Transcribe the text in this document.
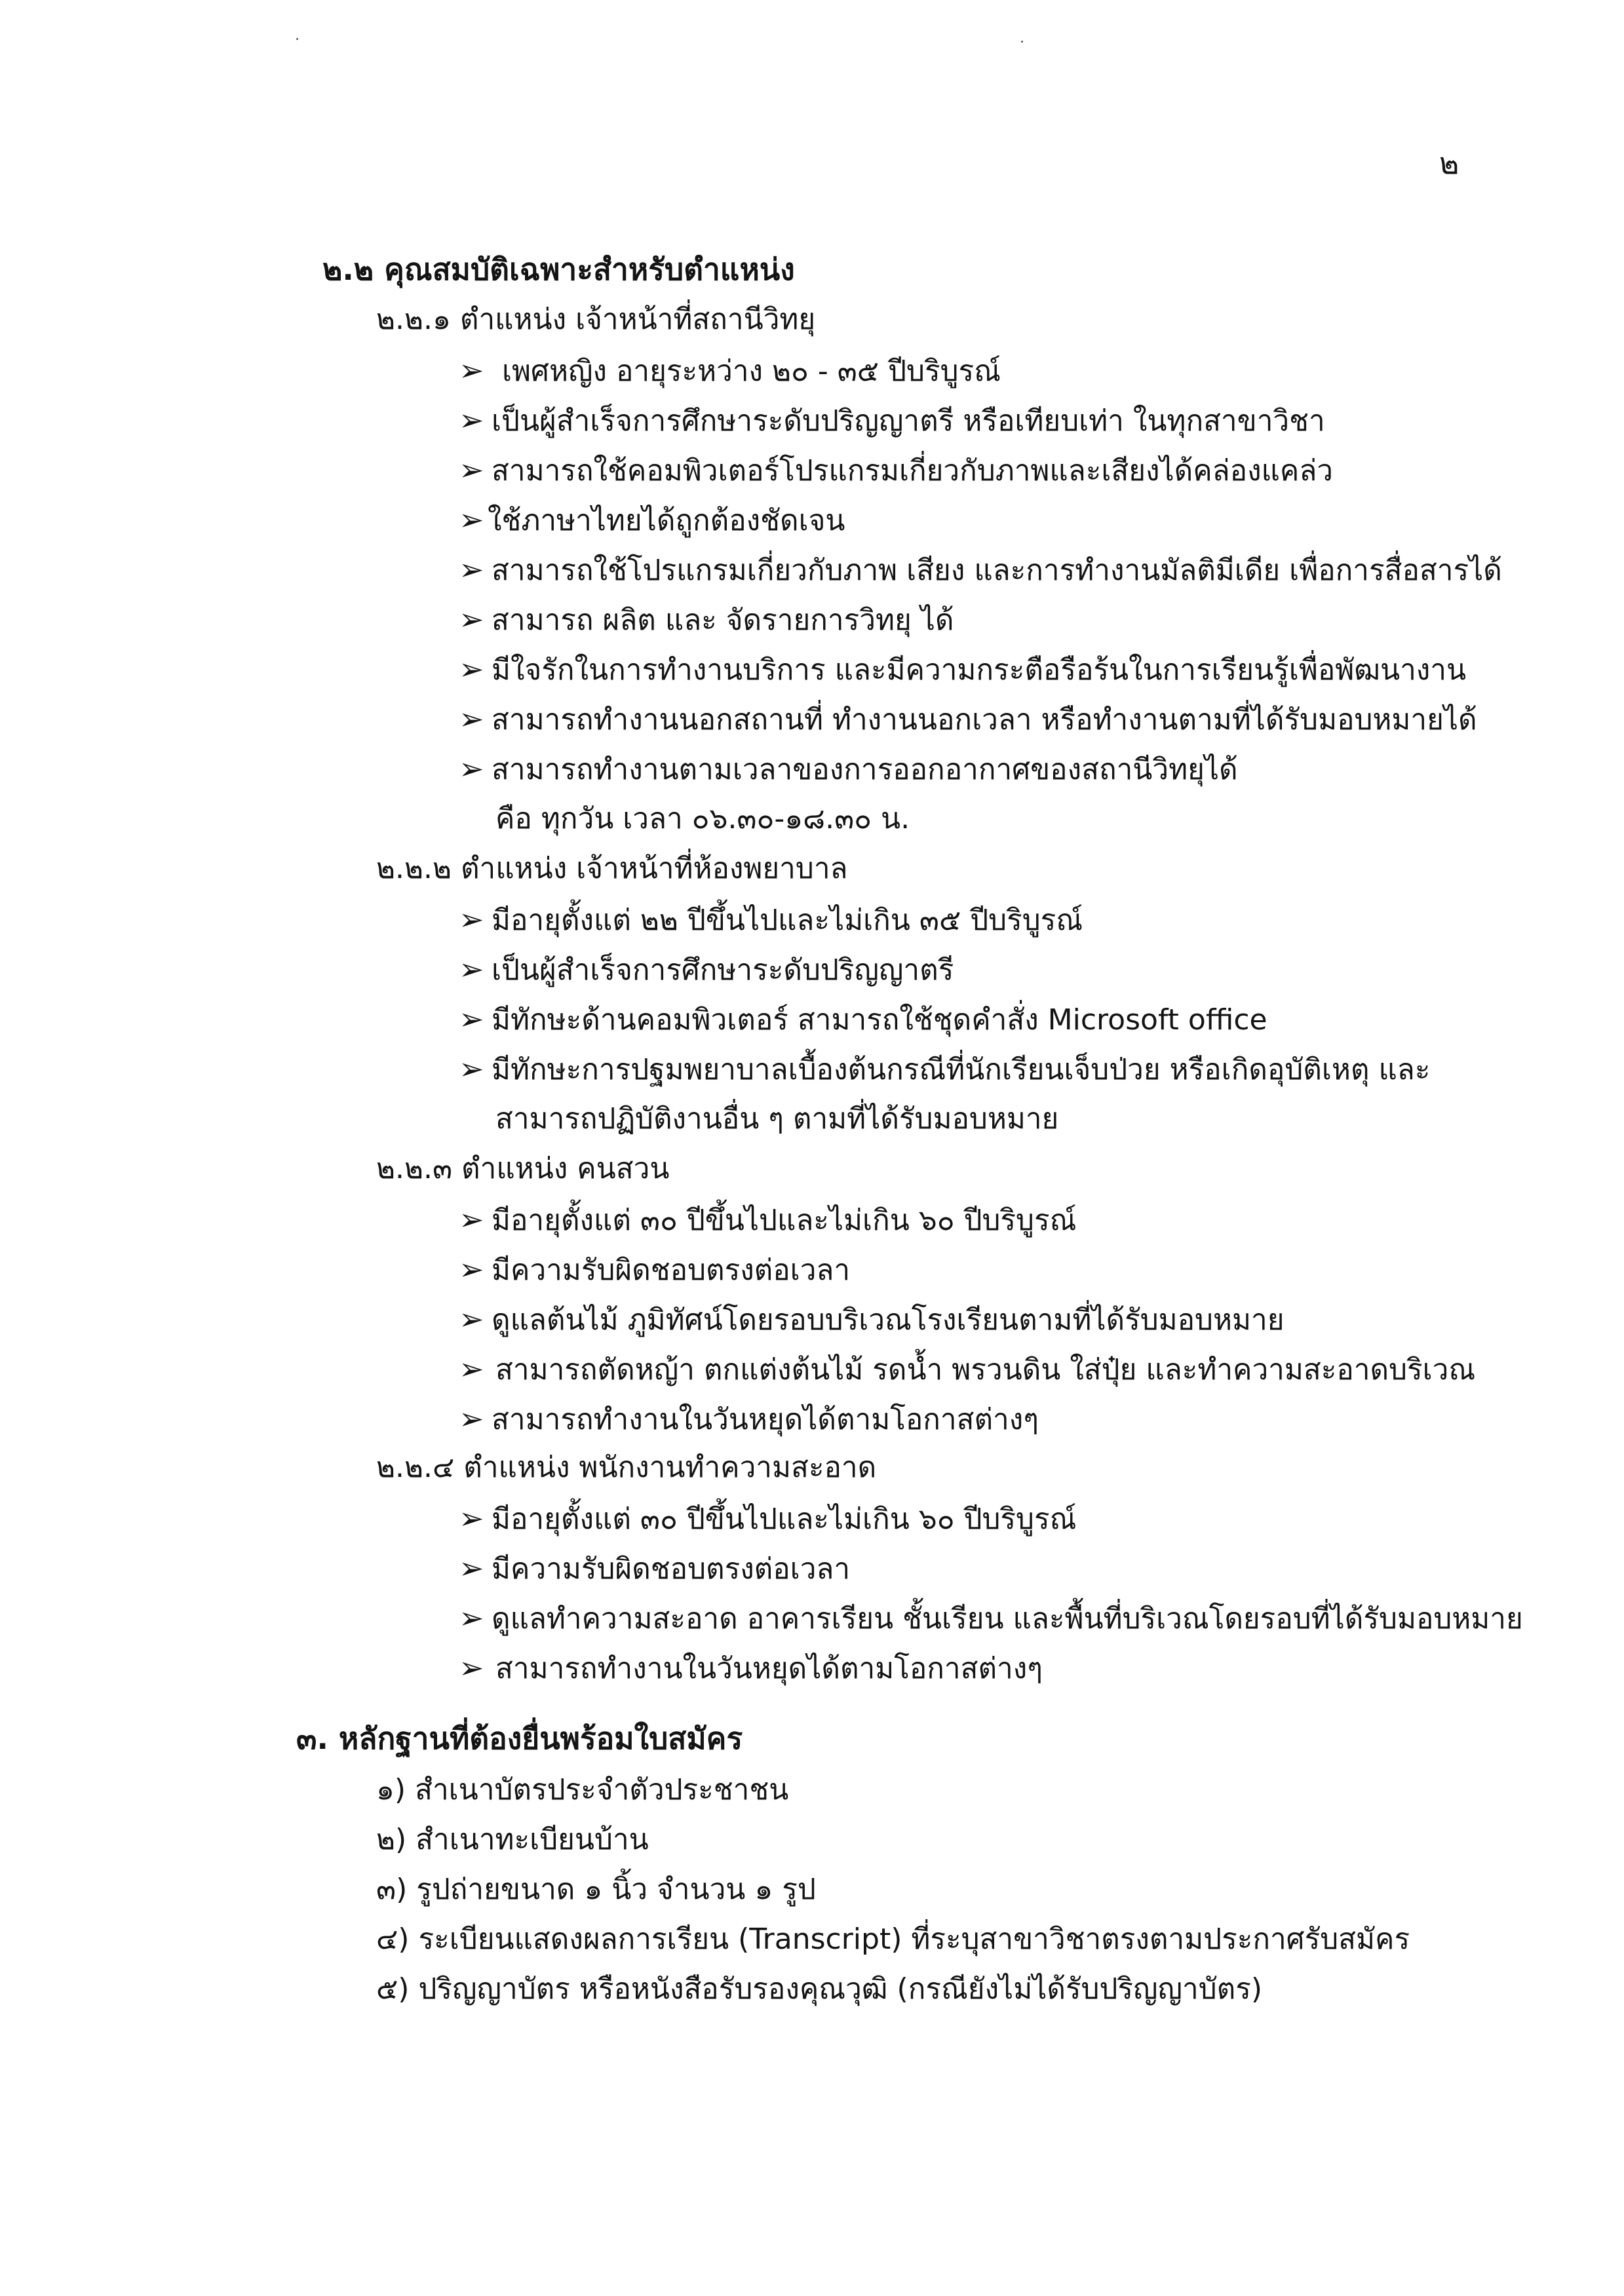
๒
๒.๒ คุณสมบัติเฉพาะสำหรับตำแหน่ง
๒.๒.๑ ตำแหน่ง เจ้าหน้าที่สถานีวิทยุ
➢ เพศหญิง อายุระหว่าง ๒๐ - ๓๕ ปีบริบูรณ์
➢ เป็นผู้สำเร็จการศึกษาระดับปริญญาตรี หรือเทียบเท่า ในทุกสาขาวิชา
➢ สามารถใช้คอมพิวเตอร์โปรแกรมเกี่ยวกับภาพและเสียงได้คล่องแคล่ว
➢ ใช้ภาษาไทยได้ถูกต้องชัดเจน
➢ สามารถใช้โปรแกรมเกี่ยวกับภาพ เสียง และการทำงานมัลติมีเดีย เพื่อการสื่อสารได้
➢ สามารถ ผลิต และ จัดรายการวิทยุ ได้
➢ มีใจรักในการทำงานบริการ และมีความกระตือรือร้นในการเรียนรู้เพื่อพัฒนางาน
➢ สามารถทำงานนอกสถานที่ ทำงานนอกเวลา หรือทำงานตามที่ได้รับมอบหมายได้
➢ สามารถทำงานตามเวลาของการออกอากาศของสถานีวิทยุได้
คือ ทุกวัน เวลา ๐๖.๓๐-๑๘.๓๐ น.
๒.๒.๒ ตำแหน่ง เจ้าหน้าที่ห้องพยาบาล
➢ มีอายุตั้งแต่ ๒๒ ปีขึ้นไปและไม่เกิน ๓๕ ปีบริบูรณ์
➢ เป็นผู้สำเร็จการศึกษาระดับปริญญาตรี
➢ มีทักษะด้านคอมพิวเตอร์ สามารถใช้ชุดคำสั่ง Microsoft office
➢ มีทักษะการปฐมพยาบาลเบื้องต้นกรณีที่นักเรียนเจ็บป่วย หรือเกิดอุบัติเหตุ และ
สามารถปฏิบัติงานอื่น ๆ ตามที่ได้รับมอบหมาย
๒.๒.๓ ตำแหน่ง คนสวน
➢ มีอายุตั้งแต่ ๓๐ ปีขึ้นไปและไม่เกิน ๖๐ ปีบริบูรณ์
➢ มีความรับผิดชอบตรงต่อเวลา
➢ ดูแลต้นไม้ ภูมิทัศน์โดยรอบบริเวณโรงเรียนตามที่ได้รับมอบหมาย
➢ สามารถตัดหญ้า ตกแต่งต้นไม้ รดน้ำ พรวนดิน ใส่ปุ๋ย และทำความสะอาดบริเวณ
➢ สามารถทำงานในวันหยุดได้ตามโอกาสต่างๆ
๒.๒.๔ ตำแหน่ง พนักงานทำความสะอาด
➢ มีอายุตั้งแต่ ๓๐ ปีขึ้นไปและไม่เกิน ๖๐ ปีบริบูรณ์
➢ มีความรับผิดชอบตรงต่อเวลา
➢ ดูแลทำความสะอาด อาคารเรียน ชั้นเรียน และพื้นที่บริเวณโดยรอบที่ได้รับมอบหมาย
➢ สามารถทำงานในวันหยุดได้ตามโอกาสต่างๆ
๓. หลักฐานที่ต้องยื่นพร้อมใบสมัคร
๑) สำเนาบัตรประจำตัวประชาชน
๒) สำเนาทะเบียนบ้าน
๓) รูปถ่ายขนาด ๑ นิ้ว จำนวน ๑ รูป
๔) ระเบียนแสดงผลการเรียน (Transcript) ที่ระบุสาขาวิชาตรงตามประกาศรับสมัคร
๕) ปริญญาบัตร หรือหนังสือรับรองคุณวุฒิ (กรณียังไม่ได้รับปริญญาบัตร)
